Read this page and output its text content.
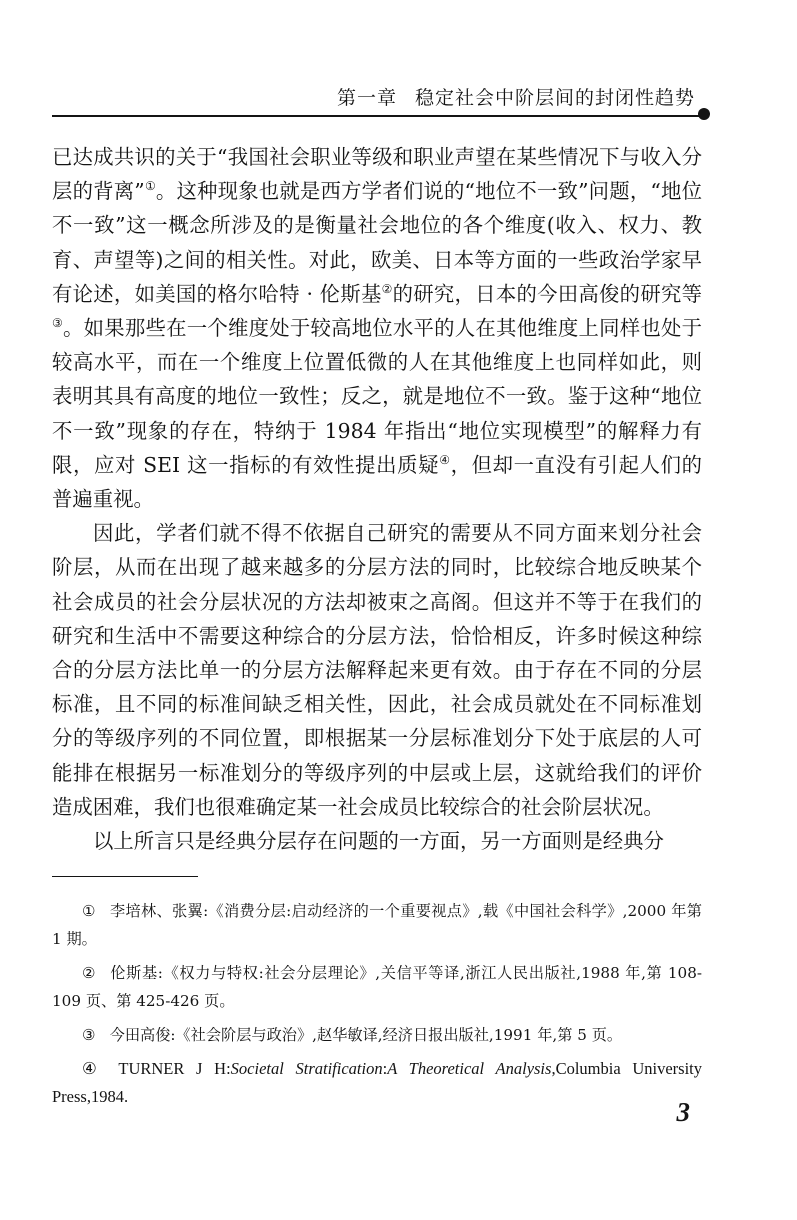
第一章 稳定社会中阶层间的封闭性趋势

已达成共识的关于“我国社会职业等级和职业声望在某些情况下与收入分层的背离”①。这种现象也就是西方学者们说的“地位不一致”问题，“地位不一致”这一概念所涉及的是衡量社会地位的各个维度(收入、权力、教育、声望等)之间的相关性。对此，欧美、日本等方面的一些政治学家早有论述，如美国的格尔哈特 · 伦斯基②的研究，日本的今田高俊的研究等③。如果那些在一个维度处于较高地位水平的人在其他维度上同样也处于较高水平，而在一个维度上位置低微的人在其他维度上也同样如此，则表明其具有高度的地位一致性；反之，就是地位不一致。鉴于这种“地位不一致”现象的存在，特纳于 1984 年指出“地位实现模型”的解释力有限，应对 SEI 这一指标的有效性提出质疑④，但却一直没有引起人们的普遍重视。

因此，学者们就不得不依据自己研究的需要从不同方面来划分社会阶层，从而在出现了越来越多的分层方法的同时，比较综合地反映某个社会成员的社会分层状况的方法却被束之高阁。但这并不等于在我们的研究和生活中不需要这种综合的分层方法，恰恰相反，许多时候这种综合的分层方法比单一的分层方法解释起来更有效。由于存在不同的分层标准，且不同的标准间缺乏相关性，因此，社会成员就处在不同标准划分的等级序列的不同位置，即根据某一分层标准划分下处于底层的人可能排在根据另一标准划分的等级序列的中层或上层，这就给我们的评价造成困难，我们也很难确定某一社会成员比较综合的社会阶层状况。

以上所言只是经典分层存在问题的一方面，另一方面则是经典分

① 李培林、张翼:《消费分层:启动经济的一个重要视点》,载《中国社会科学》,2000 年第 1 期。

② 伦斯基:《权力与特权:社会分层理论》,关信平等译,浙江人民出版社,1988 年,第 108-109 页、第 425-426 页。

③ 今田高俊:《社会阶层与政治》,赵华敏译,经济日报出版社,1991 年,第 5 页。

④ TURNER J H:Societal Stratification:A Theoretical Analysis,Columbia University Press,1984.

3
